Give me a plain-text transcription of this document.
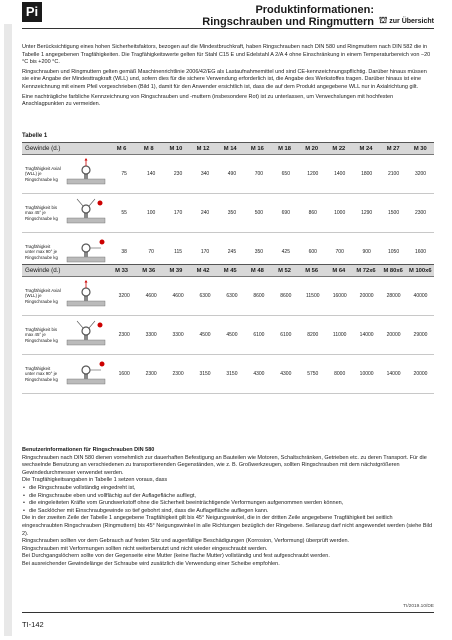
Pi	Produktinformationen:
Ringschrauben und Ringmuttern ⛫ zur Übersicht

Unter Berücksichtigung eines hohen Sicherheitsfaktors, bezogen auf die Mindestbruchkraft, haben Ringschrauben nach DIN 580 und Ringmuttern nach DIN 582 die in Tabelle 1 angegebenen Tragfähigkeiten. Die Tragfähigkeitswerte gelten für Stahl C15 E und Edelstahl A 2/A 4 ohne Einschränkung in einem Temperaturbereich von −20 °C bis +200 °C.

Ringschrauben und Ringmuttern gelten gemäß Maschinenrichtlinie 2006/42/EG als Lastaufnahmemittel und sind CE-kennzeichnungspflichtig. Darüber hinaus müssen sie eine Angabe der Mindesttragkraft (WLL) und, sofern dies für die sichere Verwendung erforderlich ist, die Angabe des Werkstoffes tragen. Darüber hinaus ist eine Kennzeichnung mit einem Pfeil vorgeschrieben (Bild 1), damit für den Anwender ersichtlich ist, dass die auf dem Produkt angegebene WLL nur in Axialrichtung gilt.

Eine nachträgliche farbliche Kennzeichnung von Ringschrauben und -muttern (insbesondere Rot) ist zu unterlassen, um Verwechslungen mit hochfesten Anschlagpunkten zu vermeiden.

Tabelle 1
Gewinde (d.)	M 6	M 8	M 10	M 12	M 14	M 16	M 18	M 20	M 22	M 24	M 27	M 30
Tragfähigkeit Axial (WLL) je Ringschraube kg
75	140	230	340	490	700	650	1200	1400	1800	2100	3200
Tragfähigkeit bis max 45° je Ringschraube kg
55	100	170	240	350	500	690	860	1000	1290	1500	2300
Tragfähigkeit unter max 90° je Ringschraube kg
38	70	115	170	245	350	425	600	700	900	1050	1600
Gewinde (d.)	M 33	M 36	M 39	M 42	M 45	M 48	M 52	M 56	M 64	M 72x6	M 80x6	M 100x6
Tragfähigkeit Axial (WLL) je Ringschraube kg
3200	4600	4600	6300	6300	8600	8600	11500	16000	20000	28000	40000
Tragfähigkeit bis max 45° je Ringschraube kg
2300	3300	3300	4500	4500	6100	6100	8200	11000	14000	20000	29000
Tragfähigkeit unter max 90° je Ringschraube kg
1600	2300	2300	3150	3150	4300	4300	5750	8000	10000	14000	20000

Benutzerinformationen für Ringschrauben DIN 580

Ringschrauben nach DIN 580 dienen vornehmlich zur dauerhaften Befestigung an Bauteilen wie Motoren, Schaltschränken, Getrieben etc. zu deren Transport. Für die wechselnde Benutzung an verschiedenen zu transportierenden Gegenständen, wie z. B. Großwerkzeugen, sollten Ringschrauben mit dem nächstgrößeren Gewindedurchmesser verwendet werden.

Die Tragfähigkeitsangaben in Tabelle 1 setzen voraus, dass

• die Ringschraube vollständig eingedreht ist,
• die Ringschraube eben und vollflächig auf der Auflagefläche aufliegt,
• die eingeleiteten Kräfte vom Grundwerkstoff ohne die Sicherheit beeinträchtigende Verformungen aufgenommen werden können,
• die Sacklöcher mit Einschraubgewinde so tief gebohrt sind, dass die Auflagefläche aufliegen kann.

Die in der zweiten Zeile der Tabelle 1 angegebene Tragfähigkeit gilt bis 45° Neigungswinkel, die in der dritten Zeile angegebene Tragfähigkeit bei seitlich eingeschraubten Ringschrauben (Ringmuttern) bis 45° Neigungswinkel in alle Richtungen bezüglich der Ringebene. Seilanzug darf nicht angewendet werden (siehe Bild 2).

Ringschrauben sollten vor dem Gebrauch auf festen Sitz und augenfällige Beschädigungen (Korrosion, Verformung) überprüft werden.

Ringschrauben mit Verformungen sollten nicht weiterbenutzt und nicht wieder eingeschraubt werden.

Bei Durchgangslöchern sollte von der Gegenseite eine Mutter (keine flache Mutter) vollständig und fest aufgeschraubt werden.

Bei ausreichender Gewindelänge der Schraube wird zusätzlich die Verwendung einer Scheibe empfohlen.

TI/2019.10/DE
TI-142
